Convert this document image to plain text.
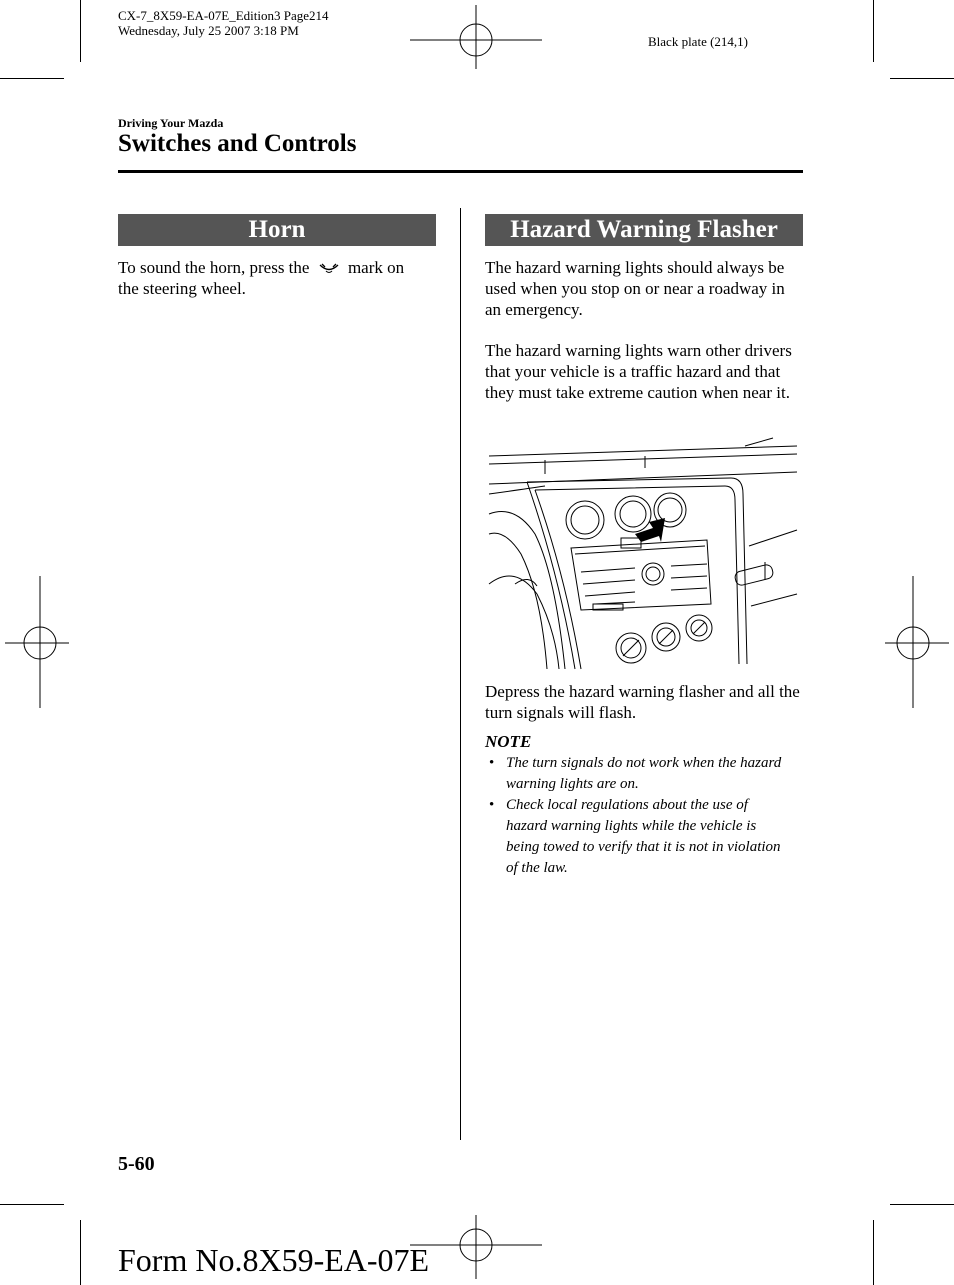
CX-7_8X59-EA-07E_Edition3 Page214
Wednesday, July 25 2007 3:18 PM
Black plate (214,1)
Driving Your Mazda
Switches and Controls
Horn
To sound the horn, press the mark on
the steering wheel.
Hazard Warning Flasher
The hazard warning lights should always be used when you stop on or near a roadway in an emergency.
The hazard warning lights warn other drivers that your vehicle is a traffic hazard and that they must take extreme caution when near it.
Depress the hazard warning flasher and all the turn signals will flash.
NOTE
• The turn signals do not work when the hazard warning lights are on.
• Check local regulations about the use of hazard warning lights while the vehicle is being towed to verify that it is not in violation of the law.
5-60
Form No.8X59-EA-07E
